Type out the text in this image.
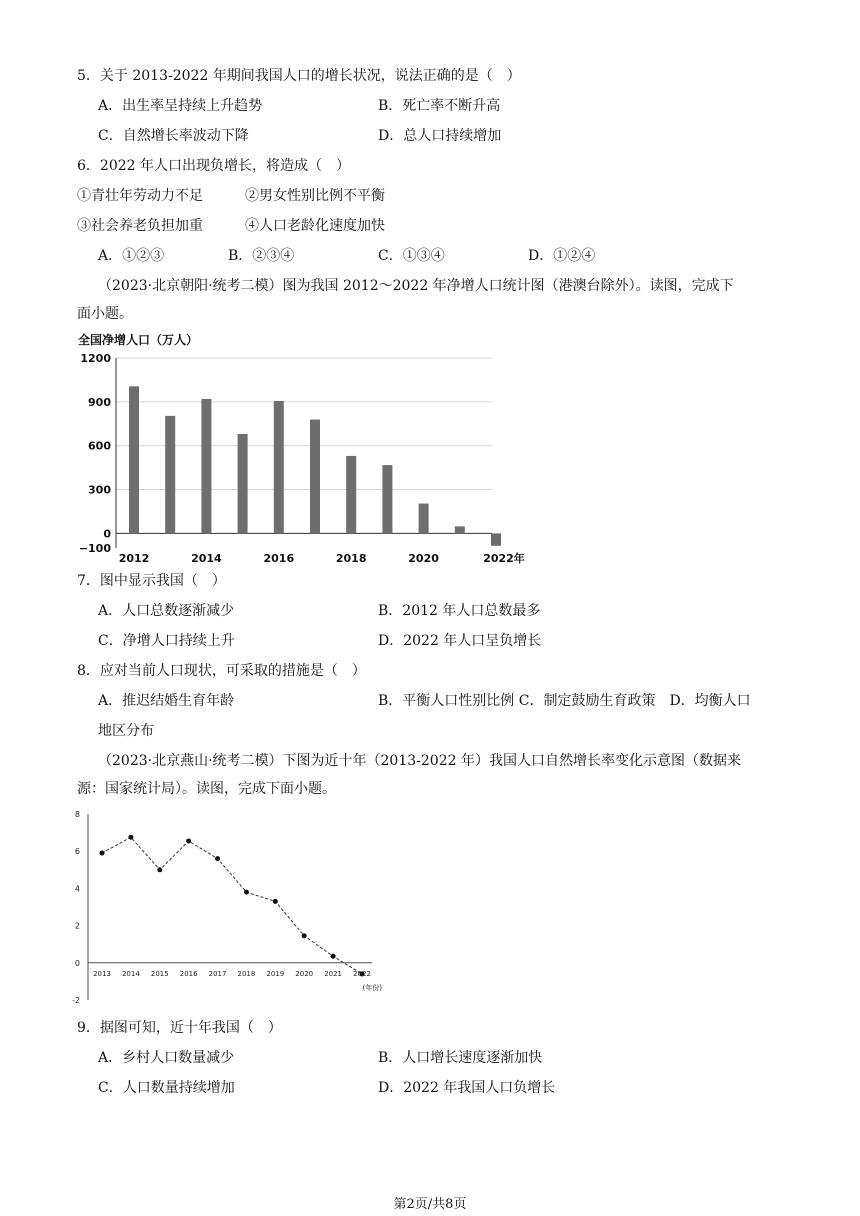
5．关于 2013-2022 年期间我国人口的增长状况，说法正确的是（　）
A．出生率呈持续上升趋势	B．死亡率不断升高
C．自然增长率波动下降	D．总人口持续增加
6．2022 年人口出现负增长，将造成（　）
①青壮年劳动力不足	②男女性别比例不平衡
③社会养老负担加重	④人口老龄化速度加快
A．①②③	B．②③④	C．①③④	D．①②④
（2023·北京朝阳·统考二模）图为我国 2012～2022 年净增人口统计图（港澳台除外）。读图，完成下
面小题。
全国净增人口（万人）
1200
900
600
300
0
−100
2012	2014	2016	2018	2020	2022年
7．图中显示我国（　）
A．人口总数逐渐减少	B．2012 年人口总数最多
C．净增人口持续上升	D．2022 年人口呈负增长
8．应对当前人口现状，可采取的措施是（　）
A．推迟结婚生育年龄	B．平衡人口性别比例 C．制定鼓励生育政策　D．均衡人口
地区分布
（2023·北京燕山·统考二模）下图为近十年（2013-2022 年）我国人口自然增长率变化示意图（数据来
源：国家统计局）。读图，完成下面小题。
8
6
4
2
0
-2
2013 2014 2015 2016 2017 2018 2019 2020 2021 2022
(年份)
9．据图可知，近十年我国（　）
A．乡村人口数量减少	B．人口增长速度逐渐加快
C．人口数量持续增加	D．2022 年我国人口负增长
第2页/共8页
